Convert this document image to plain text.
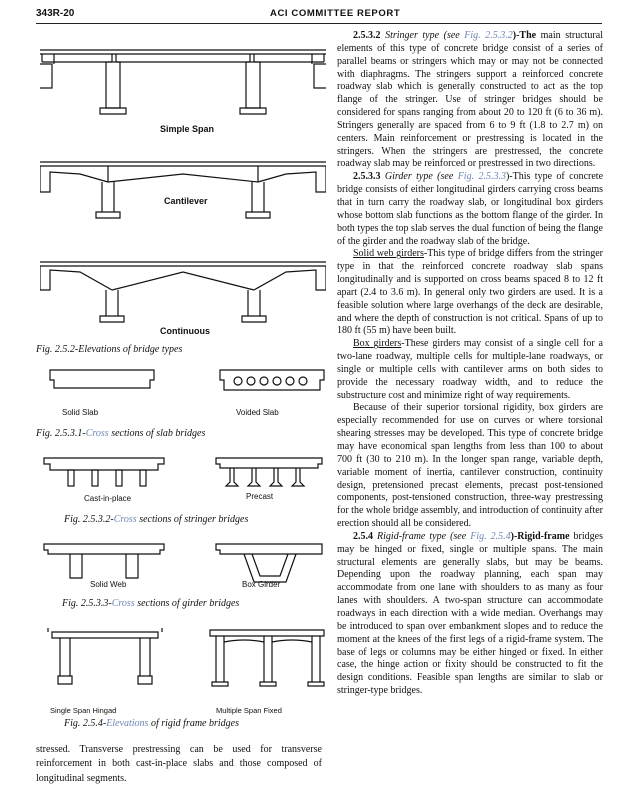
343R-20	ACI COMMITTEE REPORT
Simple Span
Cantilever
Continuous
Fig. 2.5.2-Elevations of bridge types
Solid Slab	Voided Slab
Fig. 2.5.3.1-Cross sections of slab bridges
Cast-in-place	Precast
Fig. 2.5.3.2-Cross sections of stringer bridges
Solid Web	Box Girder
Fig. 2.5.3.3-Cross sections of girder bridges
Single Span Hingad	Multiple Span Fixed
Fig. 2.5.4-Elevations of rigid frame bridges
stressed. Transverse prestressing can be used for transverse reinforcement in both cast-in-place slabs and those composed of longitudinal segments.

2.5.3.2 Stringer type (see Fig. 2.5.3.2)-The main structural elements of this type of concrete bridge consist of a series of parallel beams or stringers which may or may not be connected with diaphragms. The stringers support a reinforced concrete roadway slab which is generally constructed to act as the top flange of the stringer. Use of stringer bridges should be considered for spans ranging from about 20 to 120 ft (6 to 36 m). Stringers generally are spaced from 6 to 9 ft (1.8 to 2.7 m) on centers. Main reinforcement or prestressing is located in the stringers. When the stringers are prestressed, the concrete roadway slab may be reinforced or prestressed in two directions.

2.5.3.3 Girder type (see Fig. 2.5.3.3)-This type of concrete bridge consists of either longitudinal girders carrying cross beams that in turn carry the roadway slab, or longitudinal box girders whose bottom slab functions as the bottom flange of the girder. In both types the top slab serves the dual function of being the flange of the girder and the roadway slab of the bridge.

Solid web girders-This type of bridge differs from the stringer type in that the reinforced concrete roadway slab spans longitudinally and is supported on cross beams spaced 8 to 12 ft apart (2.4 to 3.6 m). In general only two girders are used. It is a feasible solution where large overhangs of the deck are desirable, and where the depth of construction is not critical. Spans of up to 180 ft (55 m) have been built.

Box girders-These girders may consist of a single cell for a two-lane roadway, multiple cells for multiple-lane roadways, or single or multiple cells with cantilever arms on both sides to provide the necessary roadway width, and to reduce the substructure cost and minimize right of way requirements.

Because of their superior torsional rigidity, box girders are especially recommended for use on curves or where torsional shearing stresses may be developed. This type of concrete bridge may have economical span lengths from less than 100 to about 700 ft (30 to 210 m). In the longer span range, variable depth, variable moment of inertia, cantilever construction, continuity design, pretensioned precast elements, precast post-tensioned components, post-tensioned construction, three-way prestressing for the whole bridge assembly, and introduction of continuity after erection should all be considered.

2.5.4 Rigid-frame type (see Fig. 2.5.4)-Rigid-frame bridges may be hinged or fixed, single or multiple spans. The main structural elements are generally slabs, but may be beams. Depending upon the roadway planning, each span may accommodate from one lane with shoulders to as many as four lanes with shoulders. A two-span structure can accommodate roadways in each direction with a wide median. Overhangs may be introduced to span over embankment slopes and to reduce the moment at the knees of the first legs of a rigid-frame system. The base of legs or columns may be either hinged or fixed. In either case, the hinge action or fixity should be constructed to fit the design conditions. Feasible span lengths are similar to slab or stringer-type bridges.
